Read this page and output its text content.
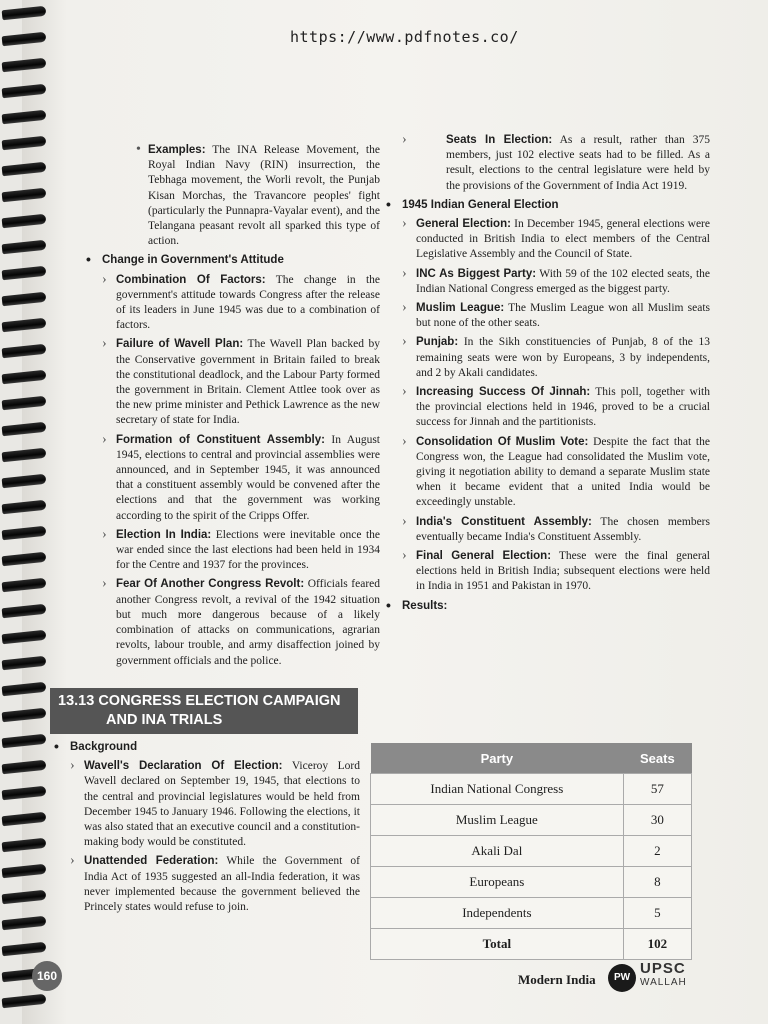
https://www.pdfnotes.co/
• Examples: The INA Release Movement, the Royal Indian Navy (RIN) insurrection, the Tebhaga movement, the Worli revolt, the Punjab Kisan Morchas, the Travancore peoples' fight (particularly the Punnapra-Vayalar event), and the Telangana peasant revolt all sparked this type of action.
• Change in Government's Attitude
› Combination Of Factors: The change in the government's attitude towards Congress after the release of its leaders in June 1945 was due to a combination of factors.
› Failure of Wavell Plan: The Wavell Plan backed by the Conservative government in Britain failed to break the constitutional deadlock, and the Labour Party formed the government in Britain. Clement Attlee took over as the new prime minister and Pethick Lawrence as the new secretary of state for India.
› Formation of Constituent Assembly: In August 1945, elections to central and provincial assemblies were announced, and in September 1945, it was announced that a constituent assembly would be convened after the elections and that the government was working according to the spirit of the Cripps Offer.
› Election In India: Elections were inevitable once the war ended since the last elections had been held in 1934 for the Centre and 1937 for the provinces.
› Fear Of Another Congress Revolt: Officials feared another Congress revolt, a revival of the 1942 situation but much more dangerous because of a likely combination of attacks on communications, agrarian revolts, labour trouble, and army disaffection joined by government officials and the police.
13.13 CONGRESS ELECTION CAMPAIGN
AND INA TRIALS
• Background
› Wavell's Declaration Of Election: Viceroy Lord Wavell declared on September 19, 1945, that elections to the central and provincial legislatures would be held from December 1945 to January 1946. Following the elections, it was also stated that an executive council and a constitution-making body would be constituted.
› Unattended Federation: While the Government of India Act of 1935 suggested an all-India federation, it was never implemented because the government believed the Princely states would refuse to join.
› Seats In Election: As a result, rather than 375 members, just 102 elective seats had to be filled. As a result, elections to the central legislature were held by the provisions of the Government of India Act 1919.
• 1945 Indian General Election
› General Election: In December 1945, general elections were conducted in British India to elect members of the Central Legislative Assembly and the Council of State.
› INC As Biggest Party: With 59 of the 102 elected seats, the Indian National Congress emerged as the biggest party.
› Muslim League: The Muslim League won all Muslim seats but none of the other seats.
› Punjab: In the Sikh constituencies of Punjab, 8 of the 13 remaining seats were won by Europeans, 3 by independents, and 2 by Akali candidates.
› Increasing Success Of Jinnah: This poll, together with the provincial elections held in 1946, proved to be a crucial success for Jinnah and the partitionists.
› Consolidation Of Muslim Vote: Despite the fact that the Congress won, the League had consolidated the Muslim vote, giving it negotiation ability to demand a separate Muslim state when it became evident that a united India would be exceedingly unstable.
› India's Constituent Assembly: The chosen members eventually became India's Constituent Assembly.
› Final General Election: These were the final general elections held in British India; subsequent elections were held in India in 1951 and Pakistan in 1970.
• Results:
Party	Seats
Indian National Congress	57
Muslim League	30
Akali Dal	2
Europeans	8
Independents	5
Total	102
160	Modern India	PW
UPSC
WALLAH
